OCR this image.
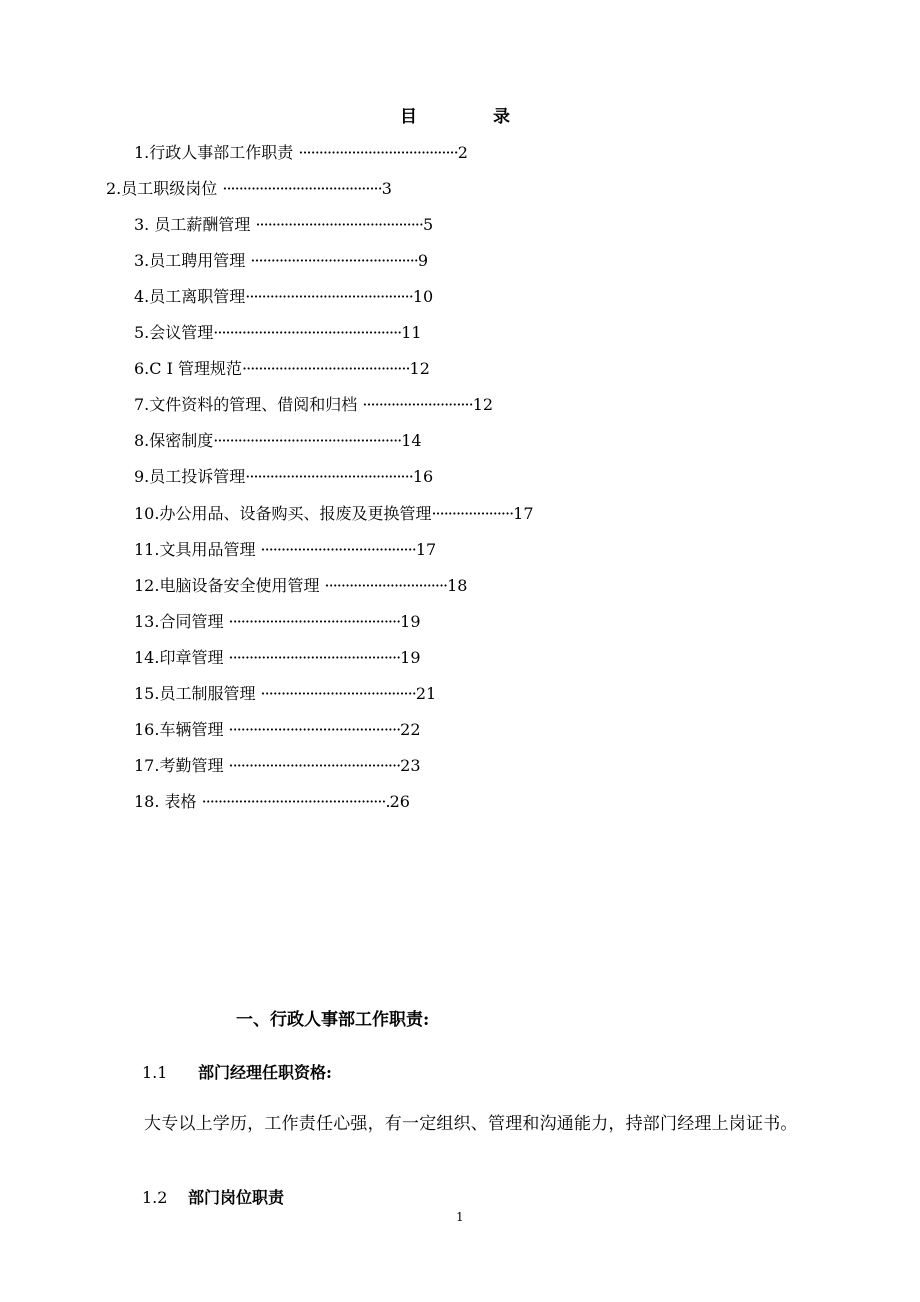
目	录
1.行政人事部工作职责 ·······································2
2.员工职级岗位 ·······································3
3. 员工薪酬管理 ·········································5
3.员工聘用管理 ·········································9
4.员工离职管理·········································10
5.会议管理··············································11
6.C I 管理规范·········································12
7.文件资料的管理、借阅和归档 ···························12
8.保密制度··············································14
9.员工投诉管理·········································16
10.办公用品、设备购买、报废及更换管理····················17
11.文具用品管理 ······································17
12.电脑设备安全使用管理 ······························18
13.合同管理 ··········································19
14.印章管理 ··········································19
15.员工制服管理 ······································21
16.车辆管理 ··········································22
17.考勤管理 ··········································23
18. 表格 ·············································.26
一、行政人事部工作职责:
1.1 部门经理任职资格:
大专以上学历，工作责任心强，有一定组织、管理和沟通能力，持部门经理上岗证书。
1.2 部门岗位职责
1
